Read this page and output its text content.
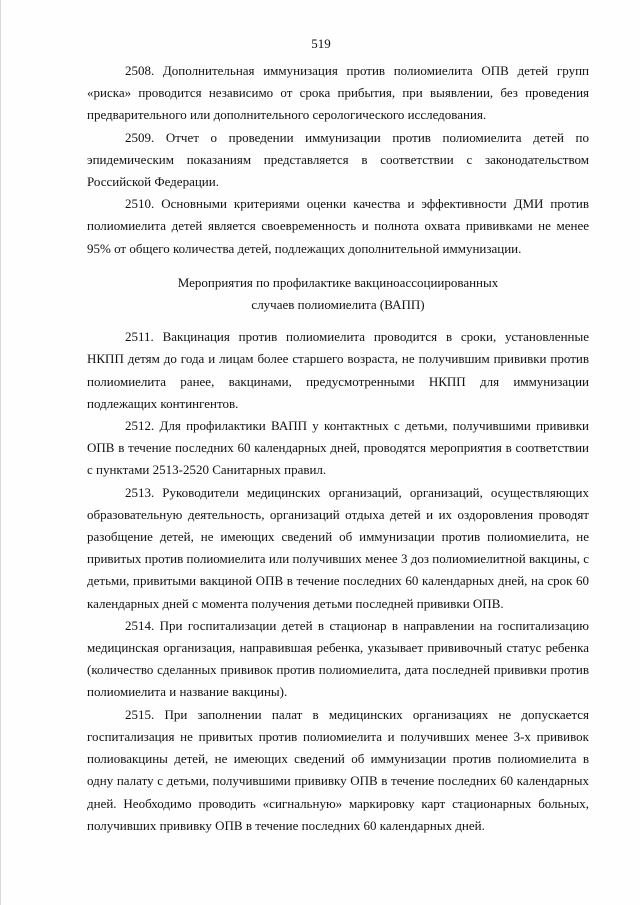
519

2508. Дополнительная иммунизация против полиомиелита ОПВ детей групп «риска» проводится независимо от срока прибытия, при выявлении, без проведения предварительного или дополнительного серологического исследования.

2509. Отчет о проведении иммунизации против полиомиелита детей по эпидемическим показаниям представляется в соответствии с законодательством Российской Федерации.

2510. Основными критериями оценки качества и эффективности ДМИ против полиомиелита детей является своевременность и полнота охвата прививками не менее 95% от общего количества детей, подлежащих дополнительной иммунизации.

Мероприятия по профилактике вакциноассоциированных
случаев полиомиелита (ВАПП)

2511. Вакцинация против полиомиелита проводится в сроки, установленные НКПП детям до года и лицам более старшего возраста, не получившим прививки против полиомиелита ранее, вакцинами, предусмотренными НКПП для иммунизации подлежащих контингентов.

2512. Для профилактики ВАПП у контактных с детьми, получившими прививки ОПВ в течение последних 60 календарных дней, проводятся мероприятия в соответствии с пунктами 2513-2520 Санитарных правил.

2513. Руководители медицинских организаций, организаций, осуществляющих образовательную деятельность, организаций отдыха детей и их оздоровления проводят разобщение детей, не имеющих сведений об иммунизации против полиомиелита, не привитых против полиомиелита или получивших менее 3 доз полиомиелитной вакцины, с детьми, привитыми вакциной ОПВ в течение последних 60 календарных дней, на срок 60 календарных дней с момента получения детьми последней прививки ОПВ.

2514. При госпитализации детей в стационар в направлении на госпитализацию медицинская организация, направившая ребенка, указывает прививочный статус ребенка (количество сделанных прививок против полиомиелита, дата последней прививки против полиомиелита и название вакцины).

2515. При заполнении палат в медицинских организациях не допускается госпитализация не привитых против полиомиелита и получивших менее 3-х прививок полиовакцины детей, не имеющих сведений об иммунизации против полиомиелита в одну палату с детьми, получившими прививку ОПВ в течение последних 60 календарных дней. Необходимо проводить «сигнальную» маркировку карт стационарных больных, получивших прививку ОПВ в течение последних 60 календарных дней.
